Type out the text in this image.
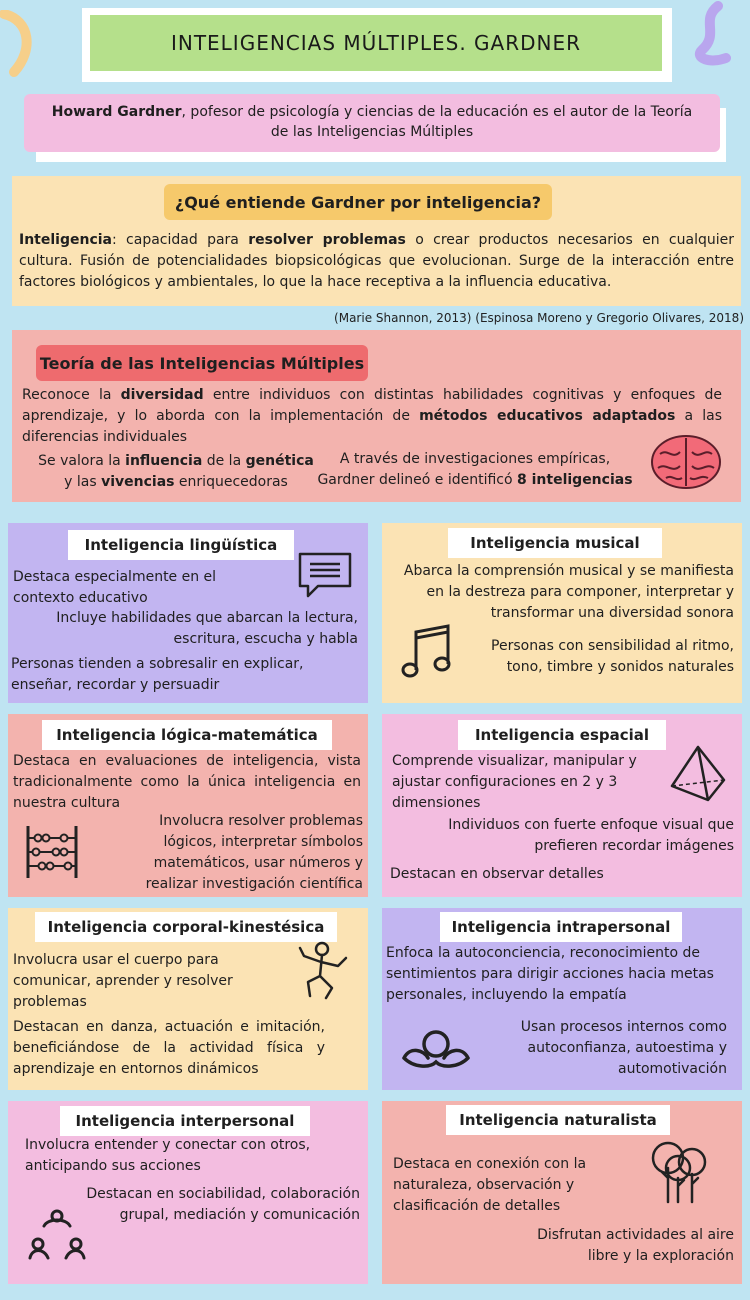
INTELIGENCIAS MÚLTIPLES. GARDNER
Howard Gardner, pofesor de psicología y ciencias de la educación es el autor de la Teoría de las Inteligencias Múltiples
¿Qué entiende Gardner por inteligencia?
Inteligencia: capacidad para resolver problemas o crear productos necesarios en cualquier cultura. Fusión de potencialidades biopsicológicas que evolucionan. Surge de la interacción entre factores biológicos y ambientales, lo que la hace receptiva a la influencia educativa.
(Marie Shannon, 2013) (Espinosa Moreno y Gregorio Olivares, 2018)
Teoría de las Inteligencias Múltiples
Reconoce la diversidad entre individuos con distintas habilidades cognitivas y enfoques de aprendizaje, y lo aborda con la implementación de métodos educativos adaptados a las diferencias individuales
Se valora la influencia de la genética
y las vivencias enriquecedoras
A través de investigaciones empíricas,
Gardner delineó e identificó 8 inteligencias
Inteligencia lingüística
Destaca especialmente en el contexto educativo
Incluye habilidades que abarcan la lectura, escritura, escucha y habla
Personas tienden a sobresalir en explicar, enseñar, recordar y persuadir
Inteligencia musical
Abarca la comprensión musical y se manifiesta en la destreza para componer, interpretar y transformar una diversidad sonora
Personas con sensibilidad al ritmo, tono, timbre y sonidos naturales
Inteligencia lógica-matemática
Destaca en evaluaciones de inteligencia, vista tradicionalmente como la única inteligencia en nuestra cultura
Involucra resolver problemas lógicos, interpretar símbolos matemáticos, usar números y realizar investigación científica
Inteligencia espacial
Comprende visualizar, manipular y ajustar configuraciones en 2 y 3 dimensiones
Individuos con fuerte enfoque visual que prefieren recordar imágenes
Destacan en observar detalles
Inteligencia corporal-kinestésica
Involucra usar el cuerpo para comunicar, aprender y resolver problemas
Destacan en danza, actuación e imitación, beneficiándose de la actividad física y aprendizaje en entornos dinámicos
Inteligencia intrapersonal
Enfoca la autoconciencia, reconocimiento de sentimientos para dirigir acciones hacia metas personales, incluyendo la empatía
Usan procesos internos como autoconfianza, autoestima y automotivación
Inteligencia interpersonal
Involucra entender y conectar con otros, anticipando sus acciones
Destacan en sociabilidad, colaboración grupal, mediación y comunicación
Inteligencia naturalista
Destaca en conexión con la naturaleza, observación y clasificación de detalles
Disfrutan actividades al aire libre y la exploración
